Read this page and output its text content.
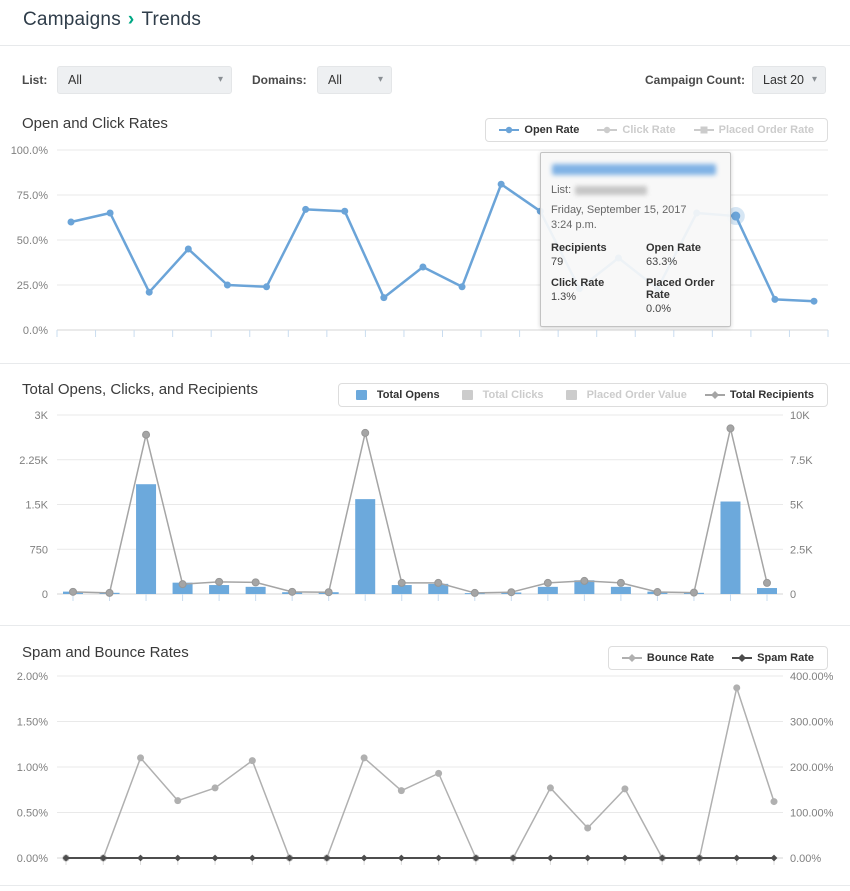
Campaigns › Trends
List:	All	▾ Domains:	All	▾	Campaign Count:	Last 20 ▾
Open and Click Rates	Open Rate	Click Rate	Placed Order Rate
100.0%
75.0%
50.0%
25.0%
0.0%
List:
Friday, September 15, 2017
3:24 p.m.
Recipients
79
Open Rate
63.3%
Click Rate
1.3%
Placed Order Rate
0.0%
Total Opens, Clicks, and Recipients	Total Opens	Total Clicks	Placed Order Value	Total Recipients
3K	10K
2.25K	7.5K
1.5K	5K
750	2.5K
0	0
Spam and Bounce Rates	Bounce Rate	Spam Rate
2.00%	400.00%
1.50%	300.00%
1.00%	200.00%
0.50%	100.00%
0.00%	0.00%
